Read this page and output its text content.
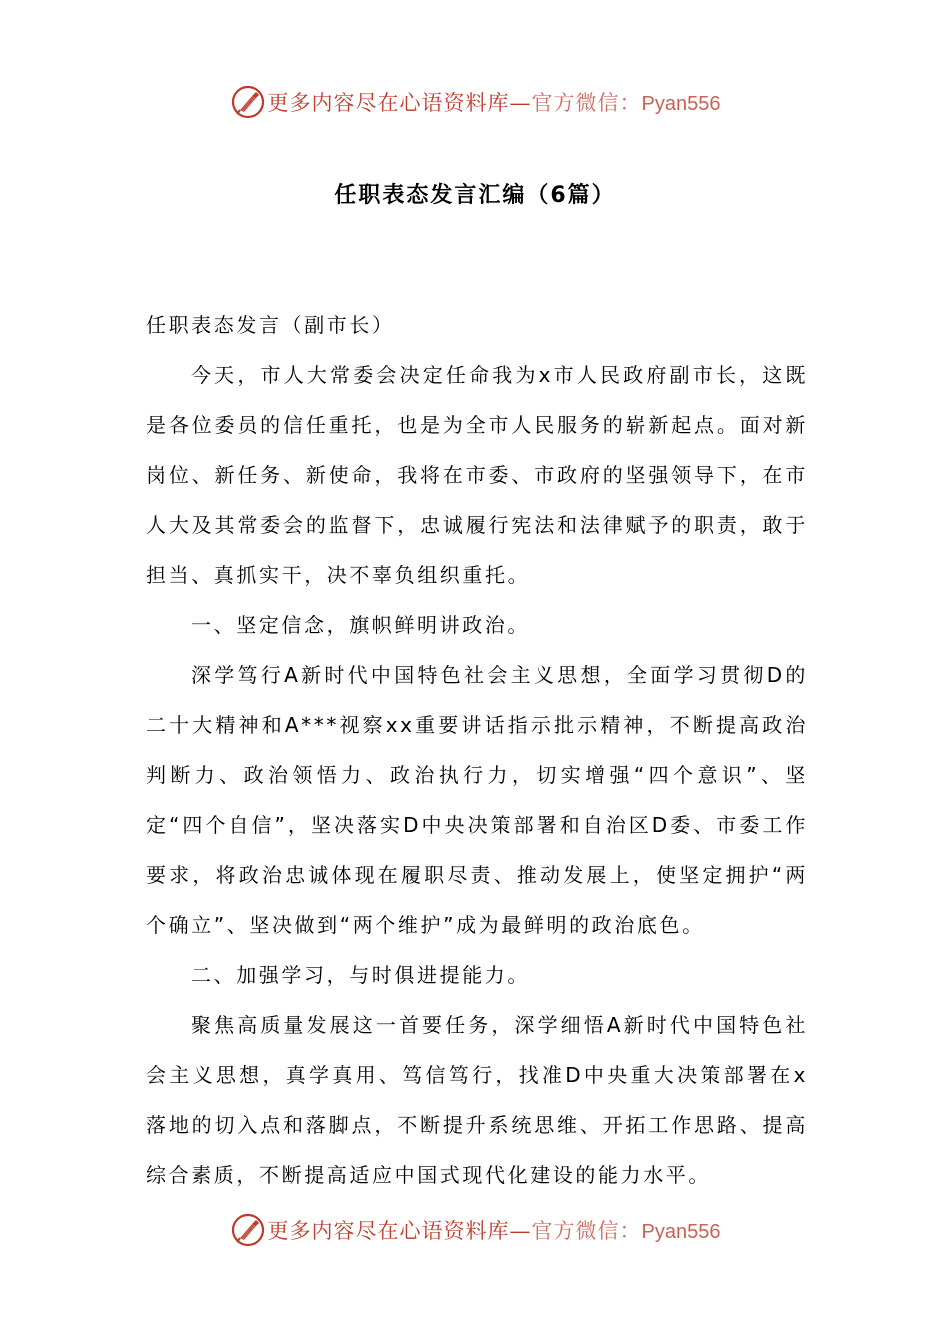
更多内容尽在心语资料库—官方微信：Pyan556
任职表态发言汇编（6篇）

任职表态发言（副市长）

今天，市人大常委会决定任命我为x市人民政府副市长，这既是各位委员的信任重托，也是为全市人民服务的崭新起点。面对新岗位、新任务、新使命，我将在市委、市政府的坚强领导下，在市人大及其常委会的监督下，忠诚履行宪法和法律赋予的职责，敢于担当、真抓实干，决不辜负组织重托。

一、坚定信念，旗帜鲜明讲政治。

深学笃行A新时代中国特色社会主义思想，全面学习贯彻D的二十大精神和A***视察xx重要讲话指示批示精神，不断提高政治判断力、政治领悟力、政治执行力，切实增强“四个意识”、坚定“四个自信”，坚决落实D中央决策部署和自治区D委、市委工作要求，将政治忠诚体现在履职尽责、推动发展上，使坚定拥护“两个确立”、坚决做到“两个维护”成为最鲜明的政治底色。

二、加强学习，与时俱进提能力。

聚焦高质量发展这一首要任务，深学细悟A新时代中国特色社会主义思想，真学真用、笃信笃行，找准D中央重大决策部署在x落地的切入点和落脚点，不断提升系统思维、开拓工作思路、提高综合素质，不断提高适应中国式现代化建设的能力水平。

更多内容尽在心语资料库—官方微信：Pyan556
